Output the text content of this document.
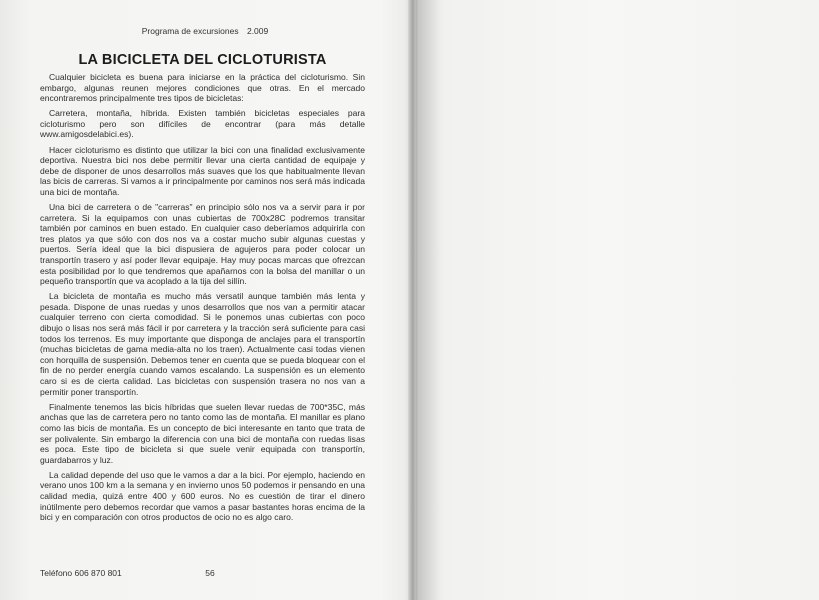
Programa de excursiones 2.009
LA BICICLETA DEL CICLOTURISTA

Cualquier bicicleta es buena para iniciarse en la práctica del cicloturismo. Sin embargo, algunas reunen mejores condiciones que otras. En el mercado encontraremos principalmente tres tipos de bicicletas:

Carretera, montaña, híbrida. Existen también bicicletas especiales para cicloturismo pero son difíciles de encontrar (para más detalle www.amigosdelabici.es).

Hacer cicloturismo es distinto que utilizar la bici con una finalidad exclusivamente deportiva. Nuestra bici nos debe permitir llevar una cierta cantidad de equipaje y debe de disponer de unos desarrollos más suaves que los que habitualmente llevan las bicis de carreras. Si vamos a ir principalmente por caminos nos será más indicada una bici de montaña.

Una bici de carretera o de "carreras" en principio sólo nos va a servir para ir por carretera. Si la equipamos con unas cubiertas de 700x28C podremos transitar también por caminos en buen estado. En cualquier caso deberíamos adquirirla con tres platos ya que sólo con dos nos va a costar mucho subir algunas cuestas y puertos. Sería ideal que la bici dispusiera de agujeros para poder colocar un transportín trasero y así poder llevar equipaje. Hay muy pocas marcas que ofrezcan esta posibilidad por lo que tendremos que apañarnos con la bolsa del manillar o un pequeño transportín que va acoplado a la tija del sillín.

La bicicleta de montaña es mucho más versatil aunque también más lenta y pesada. Dispone de unas ruedas y unos desarrollos que nos van a permitir atacar cualquier terreno con cierta comodidad. Si le ponemos unas cubiertas con poco dibujo o lisas nos será más fácil ir por carretera y la tracción será suficiente para casi todos los terrenos. Es muy importante que disponga de anclajes para el transportín (muchas bicicletas de gama media-alta no los traen). Actualmente casi todas vienen con horquilla de suspensión. Debemos tener en cuenta que se pueda bloquear con el fin de no perder energía cuando vamos escalando. La suspensión es un elemento caro si es de cierta calidad. Las bicicletas con suspensión trasera no nos van a permitir poner transportín.

Finalmente tenemos las bicis híbridas que suelen llevar ruedas de 700*35C, más anchas que las de carretera pero no tanto como las de montaña. El manillar es plano como las bicis de montaña. Es un concepto de bici interesante en tanto que trata de ser polivalente. Sin embargo la diferencia con una bici de montaña con ruedas lisas es poca. Este tipo de bicicleta si que suele venir equipada con transportín, guardabarros y luz.

La calidad depende del uso que le vamos a dar a la bici. Por ejemplo, haciendo en verano unos 100 km a la semana y en invierno unos 50 podemos ir pensando en una calidad media, quizá entre 400 y 600 euros. No es cuestión de tirar el dinero inútilmente pero debemos recordar que vamos a pasar bastantes horas encima de la bici y en comparación con otros productos de ocio no es algo caro.

Teléfono 606 870 801	56
